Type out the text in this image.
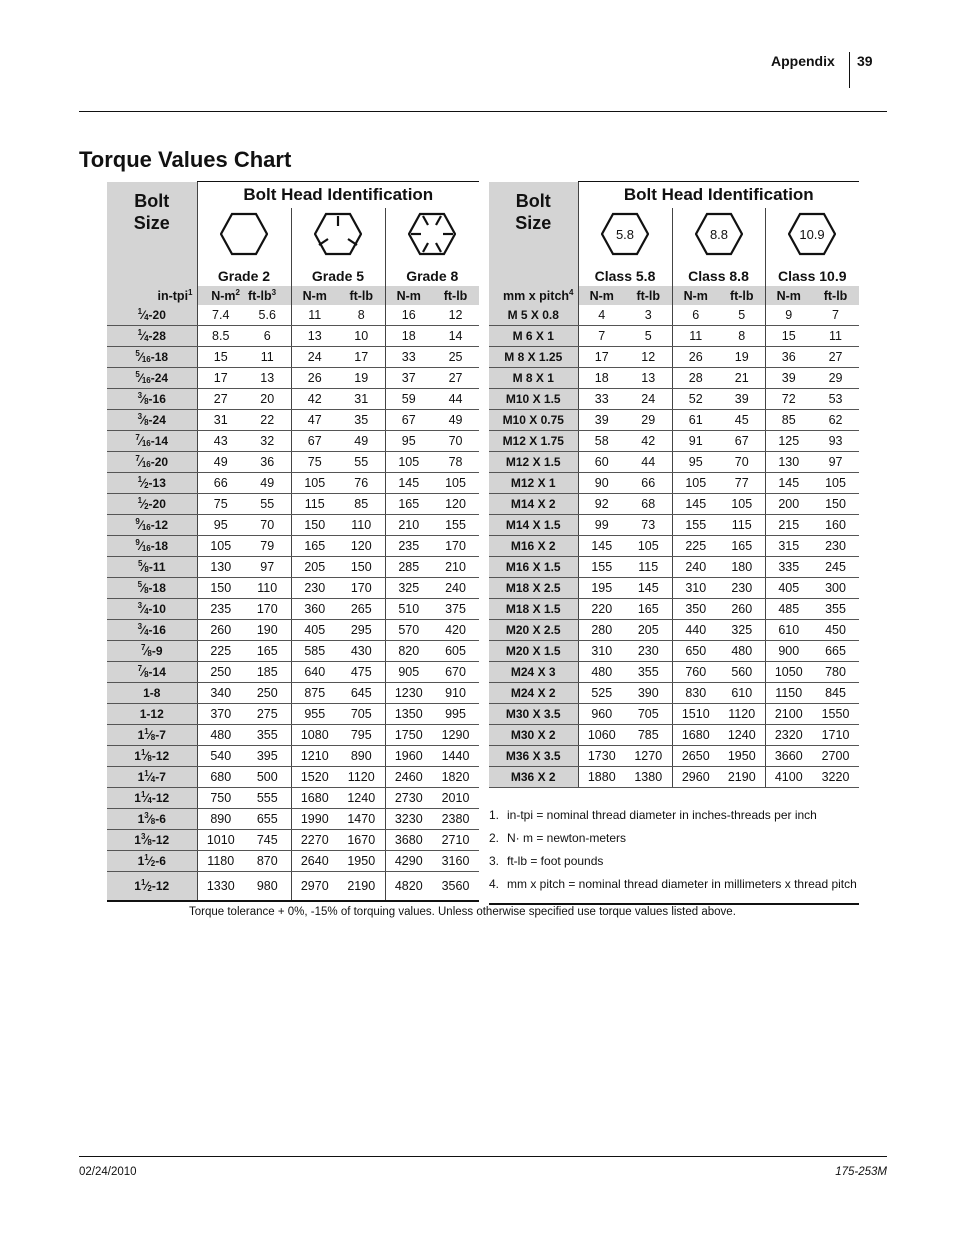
Appendix 39
Torque Values Chart
Bolt
Size	Bolt Head Identification					

	Grade 2		Grade 5		Grade 8	
in-tpi$^1$	$N-m^2$	$ft-lb^3$	N-m	ft-lb	N-m	ft-lb
$^1$⁄4-20	7.4	5.6	11	8	16	12
$^1$⁄4-28	8.5	6	13	10	18	14
$^5$⁄16-18	15	11	24	17	33	25
$^5$⁄16-24	17	13	26	19	37	27
$^3$⁄8-16	27	20	42	31	59	44
$^3$⁄8-24	31	22	47	35	67	49
$^7$⁄16-14	43	32	67	49	95	70
$^7$⁄16-20	49	36	75	55	105	78
$^1$⁄2-13	66	49	105	76	145	105
$^1$⁄2-20	75	55	115	85	165	120
$^9$⁄16-12	95	70	150	110	210	155
$^9$⁄16-18	105	79	165	120	235	170
$^5$⁄8-11	130	97	205	150	285	210
$^5$⁄8-18	150	110	230	170	325	240
$^3$⁄4-10	235	170	360	265	510	375
$^3$⁄4-16	260	190	405	295	570	420
$^7$⁄8-9	225	165	585	430	820	605
$^7$⁄8-14	250	185	640	475	905	670
1-8	340	250	875	645	1230	910
1-12	370	275	955	705	1350	995
$1^1⁄8-7$	480	355	1080	795	1750	1290
$1^1⁄8-12$	540	395	1210	890	1960	1440
$1^1⁄4-7$	680	500	1520	1120	2460	1820
$1^1⁄4-12$	750	555	1680	1240	2730	2010
$1^3⁄8-6$	890	655	1990	1470	3230	2380
$1^3⁄8-12$	1010	745	2270	1670	3680	2710
$1^1⁄2-6$	1180	870	2640	1950	4290	3160
$1^1⁄2-12$	1330	980	2970	2190	4820	3560
Bolt
Size	Bolt Head Identification					

5.8		8.8		10.9	

	Class 5.8		Class 8.8		Class 10.9	
mm x pitch$^4$	N-m	ft-lb	N-m	ft-lb	N-m	ft-lb
M 5 X 0.8	4	3	6	5	9	7
M 6 X 1	7	5	11	8	15	11
M 8 X 1.25	17	12	26	19	36	27
M 8 X 1	18	13	28	21	39	29
M10 X 1.5	33	24	52	39	72	53
M10 X 0.75	39	29	61	45	85	62
M12 X 1.75	58	42	91	67	125	93
M12 X 1.5	60	44	95	70	130	97
M12 X 1	90	66	105	77	145	105
M14 X 2	92	68	145	105	200	150
M14 X 1.5	99	73	155	115	215	160
M16 X 2	145	105	225	165	315	230
M16 X 1.5	155	115	240	180	335	245
M18 X 2.5	195	145	310	230	405	300
M18 X 1.5	220	165	350	260	485	355
M20 X 2.5	280	205	440	325	610	450
M20 X 1.5	310	230	650	480	900	665
M24 X 3	480	355	760	560	1050	780
M24 X 2	525	390	830	610	1150	845
M30 X 3.5	960	705	1510	1120	2100	1550
M30 X 2	1060	785	1680	1240	2320	1710
M36 X 3.5	1730	1270	2650	1950	3660	2700
M36 X 2	1880	1380	2960	2190	4100	3220
1. in-tpi = nominal thread diameter in inches-threads per inch
2. N· m = newton-meters
3. ft-lb = foot pounds
4. mm x pitch = nominal thread diameter in millimeters x thread pitch
Torque tolerance + 0%, -15% of torquing values. Unless otherwise specified use torque values listed above.
02/24/2010	175-253M
